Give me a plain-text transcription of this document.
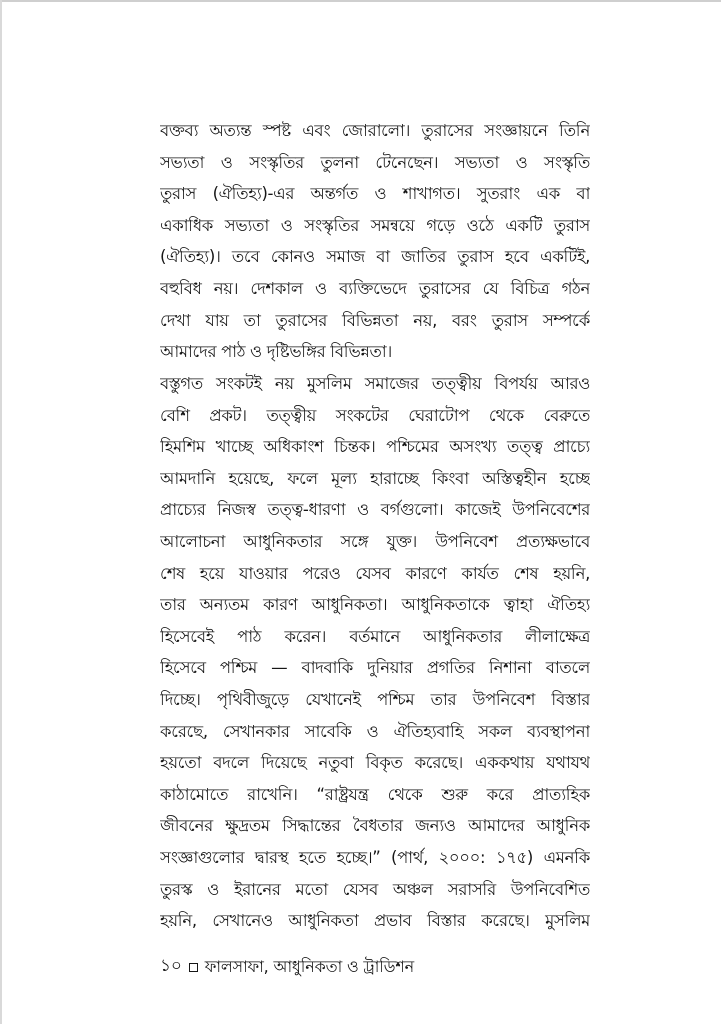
বক্তব্য অত্যন্ত স্পষ্ট এবং জোরালো। তুরাসের সংজ্ঞায়নে তিনি
সভ্যতা ও সংস্কৃতির তুলনা টেনেছেন। সভ্যতা ও সংস্কৃতি
তুরাস (ঐতিহ্য)-এর অন্তর্গত ও শাখাগত। সুতরাং এক বা
একাধিক সভ্যতা ও সংস্কৃতির সমন্বয়ে গড়ে ওঠে একটি তুরাস
(ঐতিহ্য)। তবে কোনও সমাজ বা জাতির তুরাস হবে একটিই,
বহুবিধ নয়। দেশকাল ও ব্যক্তিভেদে তুরাসের যে বিচিত্র গঠন
দেখা যায় তা তুরাসের বিভিন্নতা নয়, বরং তুরাস সম্পর্কে
আমাদের পাঠ ও দৃষ্টিভঙ্গির বিভিন্নতা।
বস্তুগত সংকটই নয় মুসলিম সমাজের তত্ত্বীয় বিপর্যয় আরও
বেশি প্রকট। তত্ত্বীয় সংকটের ঘেরাটোপ থেকে বেরুতে
হিমশিম খাচ্ছে অধিকাংশ চিন্তক। পশ্চিমের অসংখ্য তত্ত্ব প্রাচ্যে
আমদানি হয়েছে, ফলে মূল্য হারাচ্ছে কিংবা অস্তিত্বহীন হচ্ছে
প্রাচ্যের নিজস্ব তত্ত্ব-ধারণা ও বর্গগুলো। কাজেই উপনিবেশের
আলোচনা আধুনিকতার সঙ্গে যুক্ত। উপনিবেশ প্রত্যক্ষভাবে
শেষ হয়ে যাওয়ার পরেও যেসব কারণে কার্যত শেষ হয়নি,
তার অন্যতম কারণ আধুনিকতা। আধুনিকতাকে ত্বাহা ঐতিহ্য
হিসেবেই পাঠ করেন। বর্তমানে আধুনিকতার লীলাক্ষেত্র
হিসেবে পশ্চিম — বাদবাকি দুনিয়ার প্রগতির নিশানা বাতলে
দিচ্ছে। পৃথিবীজুড়ে যেখানেই পশ্চিম তার উপনিবেশ বিস্তার
করেছে, সেখানকার সাবেকি ও ঐতিহ্যবাহি সকল ব্যবস্থাপনা
হয়তো বদলে দিয়েছে নতুবা বিকৃত করেছে। এককথায় যথাযথ
কাঠামোতে রাখেনি। “রাষ্ট্রযন্ত্র থেকে শুরু করে প্রাত্যহিক
জীবনের ক্ষুদ্রতম সিদ্ধান্তের বৈধতার জন্যও আমাদের আধুনিক
সংজ্ঞাগুলোর দ্বারস্থ হতে হচ্ছে।” (পার্থ, ২০০০: ১৭৫) এমনকি
তুরস্ক ও ইরানের মতো যেসব অঞ্চল সরাসরি উপনিবেশিত
হয়নি, সেখানেও আধুনিকতা প্রভাব বিস্তার করেছে। মুসলিম
১০ ফালসাফা, আধুনিকতা ও ট্রাডিশন
